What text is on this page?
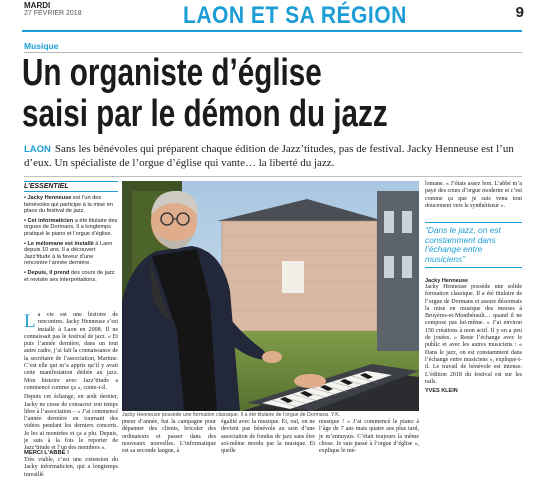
MARDI
27 FÉVRIER 2018	LAON ET SA RÉGION	9
Musique
Un organiste d’église
saisi par le démon du jazz

LAON Sans les bénévoles qui préparent chaque édition de Jazz’titudes, pas de festival. Jacky Henneuse est l’un d’eux. Un spécialiste de l’orgue d’église qui vante… la liberté du jazz.

L’ESSENTIEL
• Jacky Henneuse est l’un des bénévoles qui participe à la mise en place du festival de jazz.
• Cet informaticien a été titulaire des orgues de Dormans. Il a longtemps pratiqué le piano et l’orgue d’église.
• Le mélomane est installé à Laon depuis 10 ans. Il a découvert Jazz’titude à la faveur d’une rencontre l’année dernière.
• Depuis, il prend des cours de jazz et revisite ses interprétations.

La vie est une histoire de rencontres. Jacky Henneuse s’est installé à Laon en 2008. Il ne connaissait pas le festival de jazz. « Et puis l’année dernière, dans un tout autre cadre, j’ai fait la connaissance de la secrétaire de l’association, Martine. C’est elle qui m’a appris qu’il y avait cette manifestation dédiée au jazz. Mon histoire avec Jazz’titude a commencé comme ça », conte-t-il.

Depuis cet échange, en août dernier, Jacky ne cesse de consacrer son temps libre à l’association – « J’ai commencé l’année dernière en tournant des vidéos pendant les derniers concerts. Je les ai montrées et ça a plu. Depuis, je suis à la fois le reporter de Jazz’titude et l’un des membres ».

MERCI L’ABBÉ !

Très viable, c’est une extension du Jacky informaticien, qui a longtemps travaillé

Jacky Henneuse possède une formation classique. Il a été titulaire de l’orgue de Dormans. Y.K.
pneur d’année, bat la campagne pour dépanner des clients, bricoler des ordinateurs et passer dans des nouveaux nouvelles. L’informatique est sa seconde langue, à
égalité avec la musique. Et, oui, on ne devient pas bénévole au sein d’une association de fondus de jazz sans être soi-même mordu par la musique. Et quelle
musique ! « J’ai commencé le piano à l’âge de 7 ans mais quatre ans plus tard, je m’ennuyais. C’était toujours la même chose. Je suis passé à l’orgue d’église », explique le mé-
lomane. « J’étais assez bon. L’abbé m’a payé des cours d’orgue moderne et c’est comme ça que je suis venu tout doucement vers le synthétiseur ».

“Dans le jazz, on est constamment dans l’échange entre musiciens”

Jacky Henneuse

Jacky Henneuse possède une solide formation classique. Il a été titulaire de l’orgue de Dormans et assure désormais la mise en musique des messes à Bruyères-et-Montbérault… quand il ne compose pas lui-même. « J’ai environ 150 créations à mon actif. Il y en a peu de jouées. » Reste l’échange avec le public et avec les autres musiciens : « Dans le jazz, on est constamment dans l’échange entre musiciens », explique-t-il. Le travail de bénévole est intense. L’édition 2018 du festival est sur les rails.

YVES KLEIN
